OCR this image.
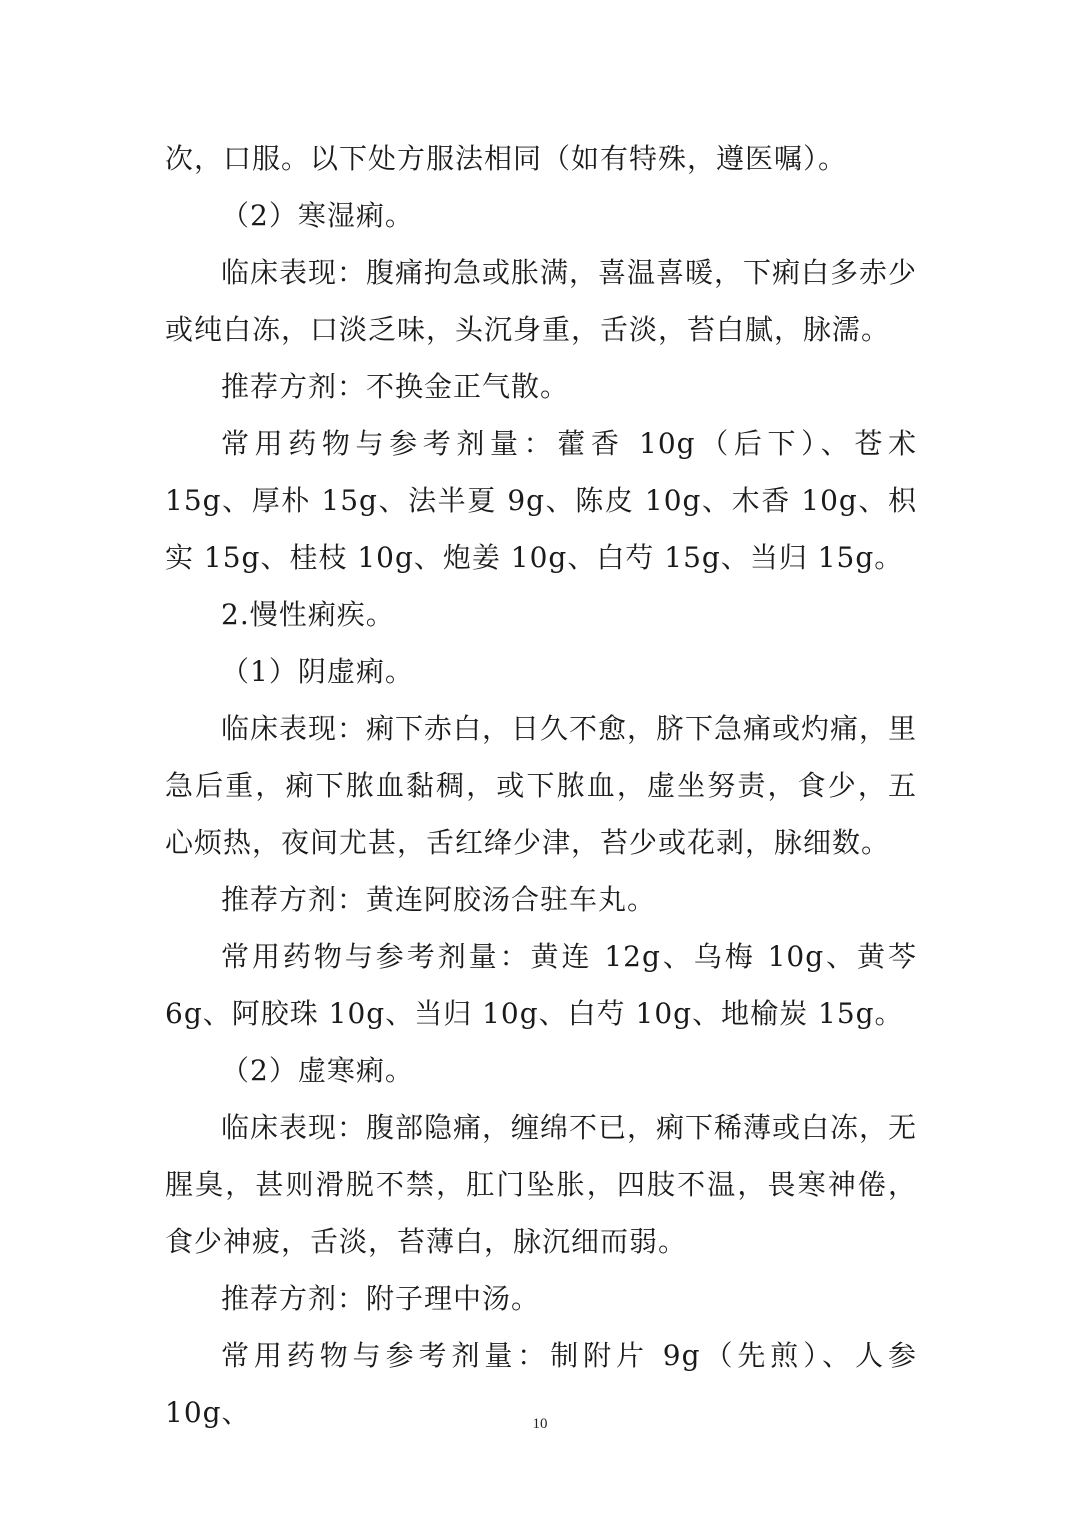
次，口服。以下处方服法相同（如有特殊，遵医嘱）。

（2）寒湿痢。

临床表现：腹痛拘急或胀满，喜温喜暖，下痢白多赤少或纯白冻，口淡乏味，头沉身重，舌淡，苔白腻，脉濡。

推荐方剂：不换金正气散。

常用药物与参考剂量：藿香 10g（后下）、苍术 15g、厚朴 15g、法半夏 9g、陈皮 10g、木香 10g、枳实 15g、桂枝 10g、炮姜 10g、白芍 15g、当归 15g。

2.慢性痢疾。

（1）阴虚痢。

临床表现：痢下赤白，日久不愈，脐下急痛或灼痛，里急后重，痢下脓血黏稠，或下脓血，虚坐努责，食少，五心烦热，夜间尤甚，舌红绛少津，苔少或花剥，脉细数。

推荐方剂：黄连阿胶汤合驻车丸。

常用药物与参考剂量：黄连 12g、乌梅 10g、黄芩 6g、阿胶珠 10g、当归 10g、白芍 10g、地榆炭 15g。

（2）虚寒痢。

临床表现：腹部隐痛，缠绵不已，痢下稀薄或白冻，无腥臭，甚则滑脱不禁，肛门坠胀，四肢不温，畏寒神倦，食少神疲，舌淡，苔薄白，脉沉细而弱。

推荐方剂：附子理中汤。

常用药物与参考剂量：制附片 9g（先煎）、人参 10g、	10
